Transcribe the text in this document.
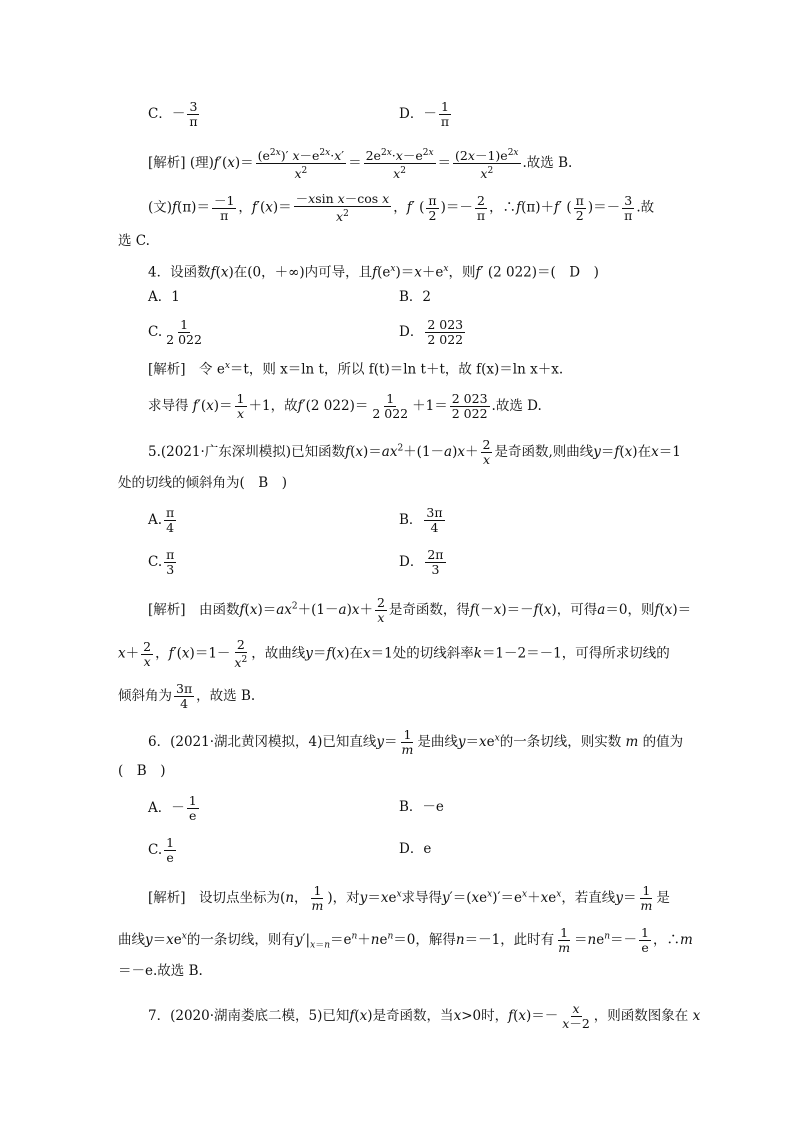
C．－ $\frac{3}{\pi}$	D．－ $\frac{1}{\pi}$
[解析] (理)$f'(x)= \frac{(e^{2x})' x-e^{2x}\cdot x'}{x^2} = \frac{2e^{2x}\cdot x-e^{2x}}{x^2} = \frac{(2x-1)e^{2x}}{x^2}$ .故选 B.
(文)$f(\pi)= \frac{-1}{\pi}$ ，$f'(x)= \frac{\text{－xsin x－cos x}}{x^2}$ ，f′ ( $\frac{\pi}{2}$ )＝－ $\frac{2}{\pi}$ ，∴f(π)＋f′ ( $\frac{\pi}{2}$ )＝－ $\frac{3}{\pi}$ .故
选 C.
4．设函数f(x)在(0，＋∞)内可导，且$f(e^x)=x+e^x$，则f′ (2 022)＝(　D　)
A．1	B．2
C. $\frac{1}{2 022}$	D． $\frac{2 023}{2 022}$
[解析]　 令 $e^x=t$，则 x＝ln t，所以 f(t)＝ln t＋t，故 f(x)＝ln x＋x.
求导得 $f'(x)= \frac{1}{x} +1$，故f′(2 $022)= \frac{1}{2 022} +1= \frac{2 023}{2 022}$ .故选 D.
5.(2021·广东深圳模拟)已知函数$f(x)=ax^2+(1-a)x+ \frac{2}{x}$ 是奇函数,则曲线y＝f(x)在x＝1
处的切线的倾斜角为(　 B　)
A. $\frac{\pi}{4}$	B． $\frac{3\pi}{4}$
C. $\frac{\pi}{3}$	D． $\frac{2\pi}{3}$
[解析]　 由函数$f(x)=ax^2+(1-a)x+ \frac{2}{x}$ 是奇函数，得f(－x)＝－f(x)，可得a＝0，则f(x)＝
$x+ \frac{2}{x}$ ，$f'(x)=1- \frac{2}{x^2}$ ，故曲线y＝f(x)在x＝1处的切线斜率k＝1－2＝－1，可得所求切线的
倾斜角为 $\frac{3\pi}{4}$ ，故选 B.
6．(2021·湖北黄冈模拟，4)已知直线$y= \frac{1}{m}$ 是曲线$y=xe^x$的一条切线，则实数 m 的值为
(　B　)
A．－ $\frac{1}{e}$	B．－e
C. $\frac{1}{e}$	D．e
[解析]　 设切点坐标为(n， $\frac{1}{m}$ )，对$y=xe^x$求导得$y'=(xe^x)'=e^x+xe^x$，若直线$y= \frac{1}{m}$ 是
曲线$y=xe^x$的一条切线，则有$y'|_{x=n}=e^n+ne^n=0$，解得n＝－1，此时有 $\frac{1}{m} =ne^n=- \frac{1}{e}$ ，∴m
＝－e.故选 B.
7．(2020·湖南娄底二模，5)已知f(x)是奇函数，当x>0时，$f(x)=- \frac{x}{x-2}$ ，则函数图象在 x
